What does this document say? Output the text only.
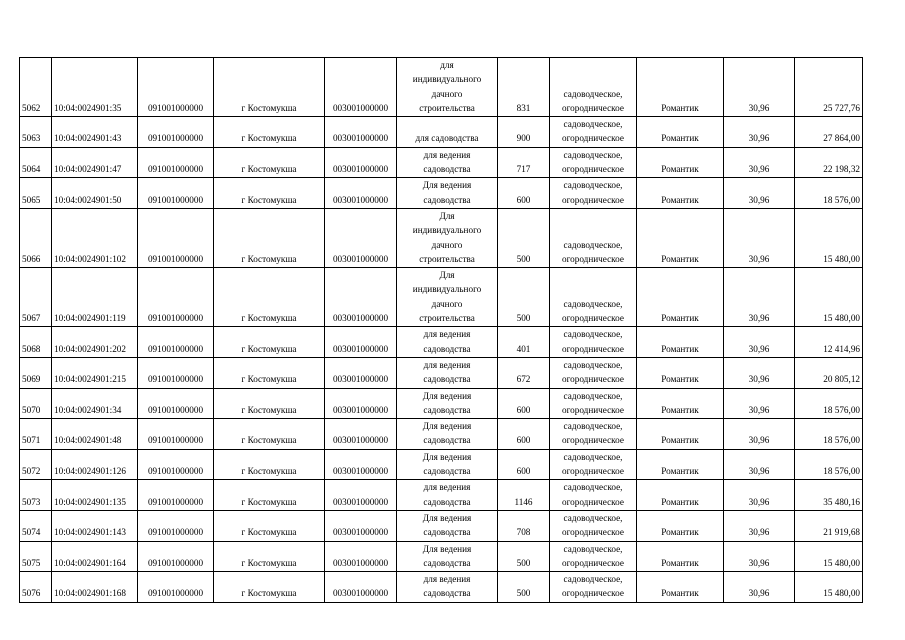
5062	10:04:0024901:35	091001000000	г Костомукша	003001000000	для
индивидуального
дачного
строительства	831	садоводческое,
огородническое	Романтик	30,96	25 727,76
5063	10:04:0024901:43	091001000000	г Костомукша	003001000000	для садоводства	900	садоводческое,
огородническое	Романтик	30,96	27 864,00
5064	10:04:0024901:47	091001000000	г Костомукша	003001000000	для ведения
садоводства	717	садоводческое,
огородническое	Романтик	30,96	22 198,32
5065	10:04:0024901:50	091001000000	г Костомукша	003001000000	Для ведения
садоводства	600	садоводческое,
огородническое	Романтик	30,96	18 576,00
5066	10:04:0024901:102	091001000000	г Костомукша	003001000000	Для
индивидуального
дачного
строительства	500	садоводческое,
огородническое	Романтик	30,96	15 480,00
5067	10:04:0024901:119	091001000000	г Костомукша	003001000000	Для
индивидуального
дачного
строительства	500	садоводческое,
огородническое	Романтик	30,96	15 480,00
5068	10:04:0024901:202	091001000000	г Костомукша	003001000000	для ведения
садоводства	401	садоводческое,
огородническое	Романтик	30,96	12 414,96
5069	10:04:0024901:215	091001000000	г Костомукша	003001000000	для ведения
садоводства	672	садоводческое,
огородническое	Романтик	30,96	20 805,12
5070	10:04:0024901:34	091001000000	г Костомукша	003001000000	Для ведения
садоводства	600	садоводческое,
огородническое	Романтик	30,96	18 576,00
5071	10:04:0024901:48	091001000000	г Костомукша	003001000000	Для ведения
садоводства	600	садоводческое,
огородническое	Романтик	30,96	18 576,00
5072	10:04:0024901:126	091001000000	г Костомукша	003001000000	Для ведения
садоводства	600	садоводческое,
огородническое	Романтик	30,96	18 576,00
5073	10:04:0024901:135	091001000000	г Костомукша	003001000000	для ведения
садоводства	1146	садоводческое,
огородническое	Романтик	30,96	35 480,16
5074	10:04:0024901:143	091001000000	г Костомукша	003001000000	Для ведения
садоводства	708	садоводческое,
огородническое	Романтик	30,96	21 919,68
5075	10:04:0024901:164	091001000000	г Костомукша	003001000000	Для ведения
садоводства	500	садоводческое,
огородническое	Романтик	30,96	15 480,00
5076	10:04:0024901:168	091001000000	г Костомукша	003001000000	для ведения
садоводства	500	садоводческое,
огородническое	Романтик	30,96	15 480,00
